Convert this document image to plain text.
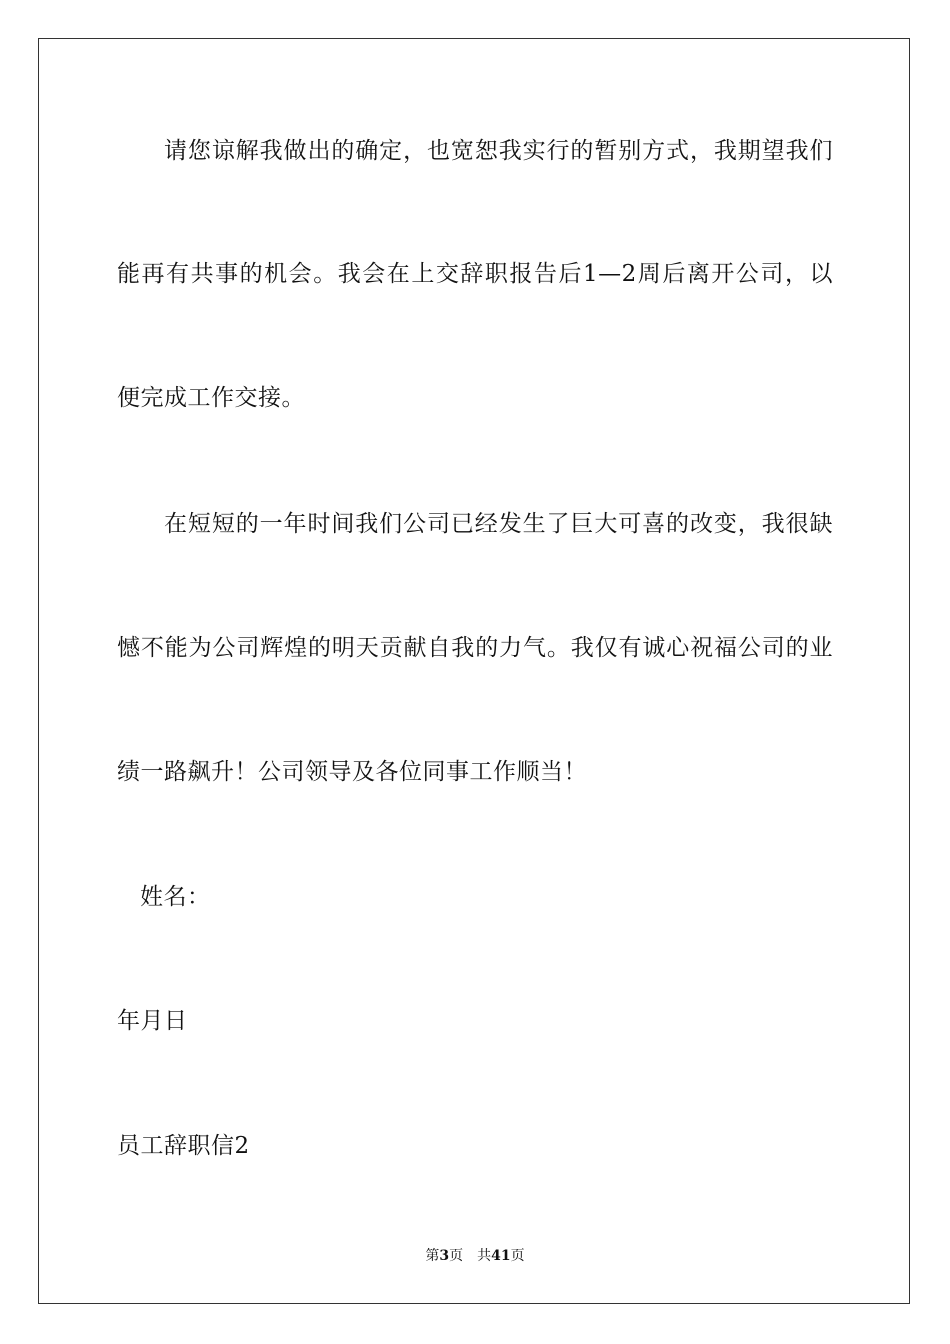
请您谅解我做出的确定，也宽恕我实行的暂别方式，我期望我们
能再有共事的机会。我会在上交辞职报告后1—2周后离开公司，以
便完成工作交接。
在短短的一年时间我们公司已经发生了巨大可喜的改变，我很缺
憾不能为公司辉煌的明天贡献自我的力气。我仅有诚心祝福公司的业
绩一路飙升！公司领导及各位同事工作顺当！
姓名：
年月日
员工辞职信2
第3页 共41页
